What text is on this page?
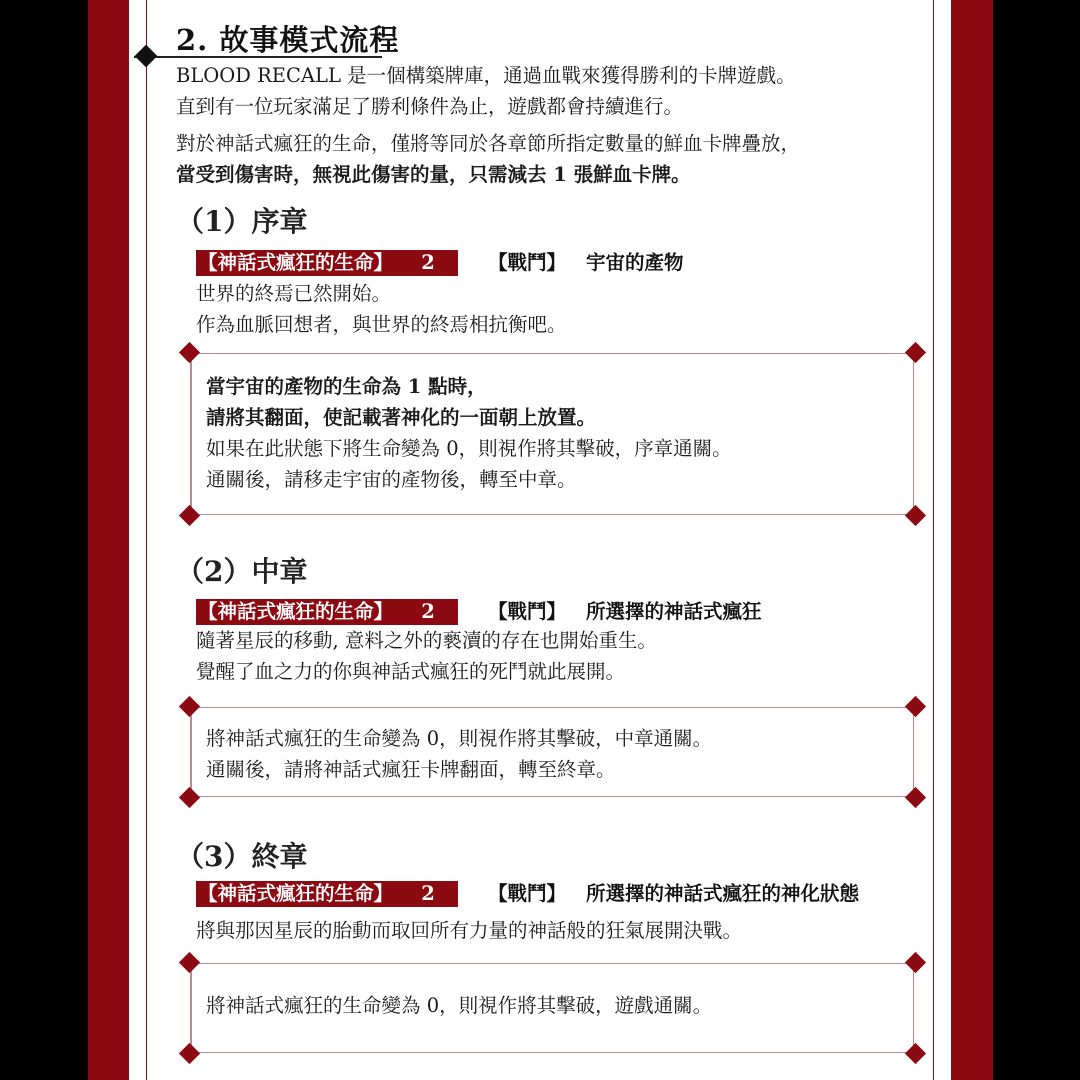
2. 故事模式流程
BLOOD RECALL 是一個構築牌庫，通過血戰來獲得勝利的卡牌遊戲。
直到有一位玩家滿足了勝利條件為止，遊戲都會持續進行。
對於神話式瘋狂的生命，僅將等同於各章節所指定數量的鮮血卡牌疊放，
當受到傷害時，無視此傷害的量，只需減去 1 張鮮血卡牌。
（1）序章
【神話式瘋狂的生命】	2	【戰鬥】 宇宙的產物
世界的終焉已然開始。
作為血脈回想者，與世界的終焉相抗衡吧。
當宇宙的產物的生命為 1 點時，
請將其翻面，使記載著神化的一面朝上放置。
如果在此狀態下將生命變為 0，則視作將其擊破，序章通關。
通關後，請移走宇宙的產物後，轉至中章。
（2）中章
【神話式瘋狂的生命】	2	【戰鬥】 所選擇的神話式瘋狂
隨著星辰的移動, 意料之外的褻瀆的存在也開始重生。
覺醒了血之力的你與神話式瘋狂的死鬥就此展開。
將神話式瘋狂的生命變為 0，則視作將其擊破，中章通關。
通關後，請將神話式瘋狂卡牌翻面，轉至終章。
（3）終章
【神話式瘋狂的生命】	2	【戰鬥】 所選擇的神話式瘋狂的神化狀態
將與那因星辰的胎動而取回所有力量的神話般的狂氣展開決戰。
將神話式瘋狂的生命變為 0，則視作將其擊破，遊戲通關。
